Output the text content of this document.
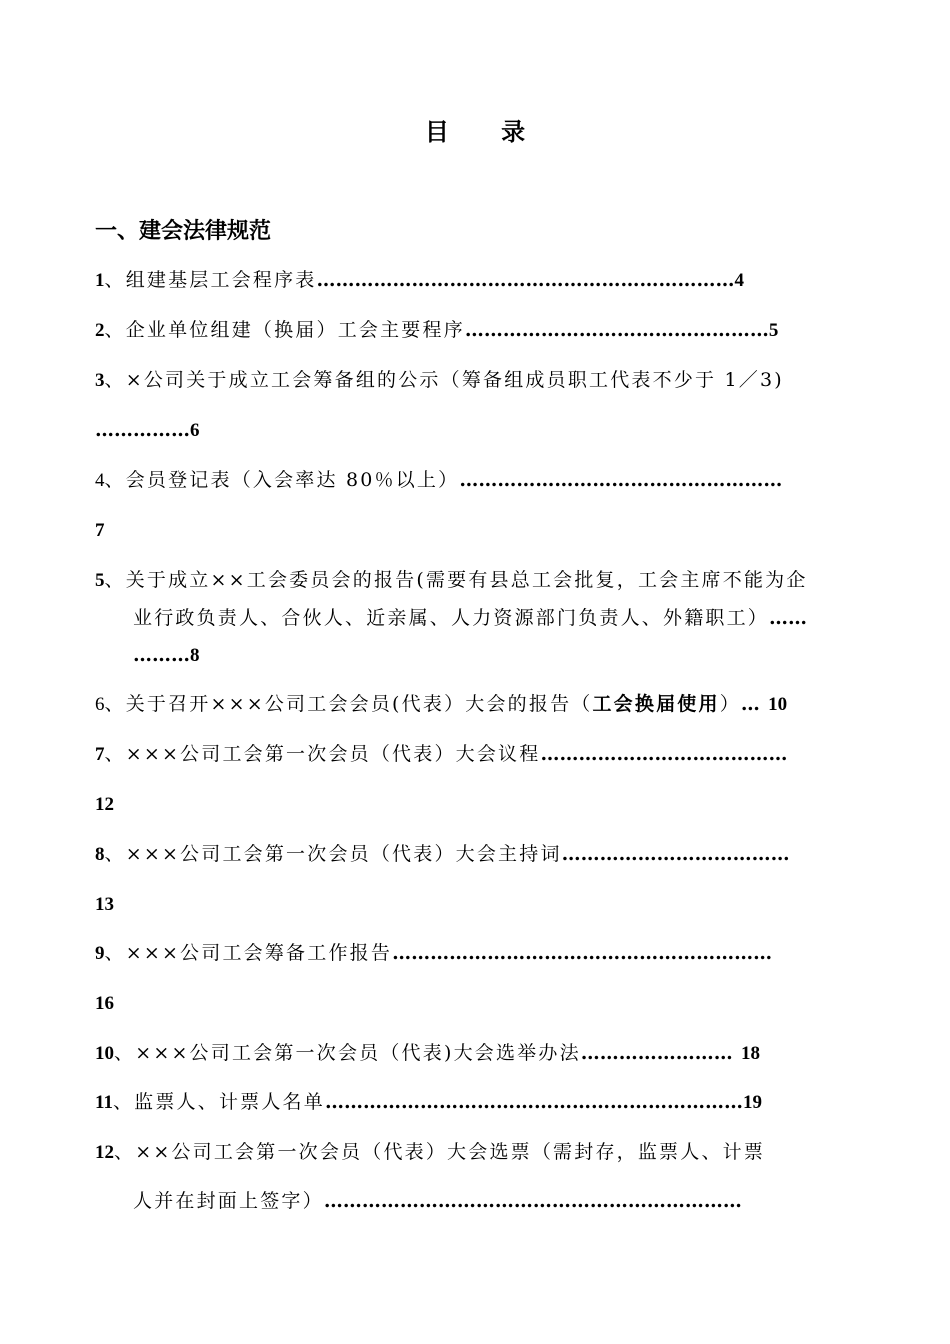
目 录
一、建会法律规范
1、组建基层工会程序表…………………………………………………………4
2、企业单位组建（换届）工会主要程序…………………………………………5
3、×公司关于成立工会筹备组的公示（筹备组成员职工代表不少于 1／3)
……………6
4、会员登记表（入会率达 80％以上）……………………………………………
7
5、关于成立××工会委员会的报告(需要有县总工会批复，工会主席不能为企
业行政负责人、合伙人、近亲属、人力资源部门负责人、外籍职工）……
………8
6、关于召开×××公司工会会员(代表）大会的报告（工会换届使用）… 10
7、×××公司工会第一次会员（代表）大会议程…………………………………
12
8、×××公司工会第一次会员（代表）大会主持词………………………………
13
9、×××公司工会筹备工作报告……………………………………………………
16
10、×××公司工会第一次会员（代表)大会选举办法…………………… 18
11、监票人、计票人名单…………………………………………………………19
12、××公司工会第一次会员（代表）大会选票（需封存，监票人、计票
人并在封面上签字）…………………………………………………………
